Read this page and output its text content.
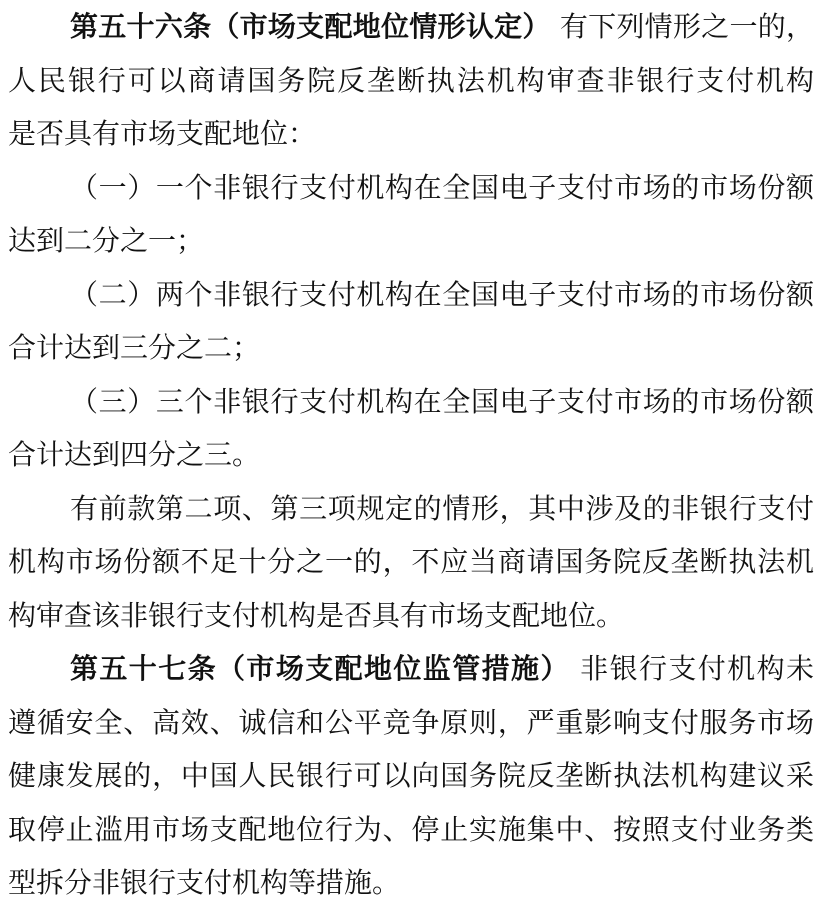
第五十六条（市场支配地位情形认定） 有下列情形之一的，
人民银行可以商请国务院反垄断执法机构审查非银行支付机构
是否具有市场支配地位：
（一）一个非银行支付机构在全国电子支付市场的市场份额
达到二分之一；
（二）两个非银行支付机构在全国电子支付市场的市场份额
合计达到三分之二；
（三）三个非银行支付机构在全国电子支付市场的市场份额
合计达到四分之三。
有前款第二项、第三项规定的情形，其中涉及的非银行支付
机构市场份额不足十分之一的，不应当商请国务院反垄断执法机
构审查该非银行支付机构是否具有市场支配地位。
第五十七条（市场支配地位监管措施） 非银行支付机构未
遵循安全、高效、诚信和公平竞争原则，严重影响支付服务市场
健康发展的，中国人民银行可以向国务院反垄断执法机构建议采
取停止滥用市场支配地位行为、停止实施集中、按照支付业务类
型拆分非银行支付机构等措施。
